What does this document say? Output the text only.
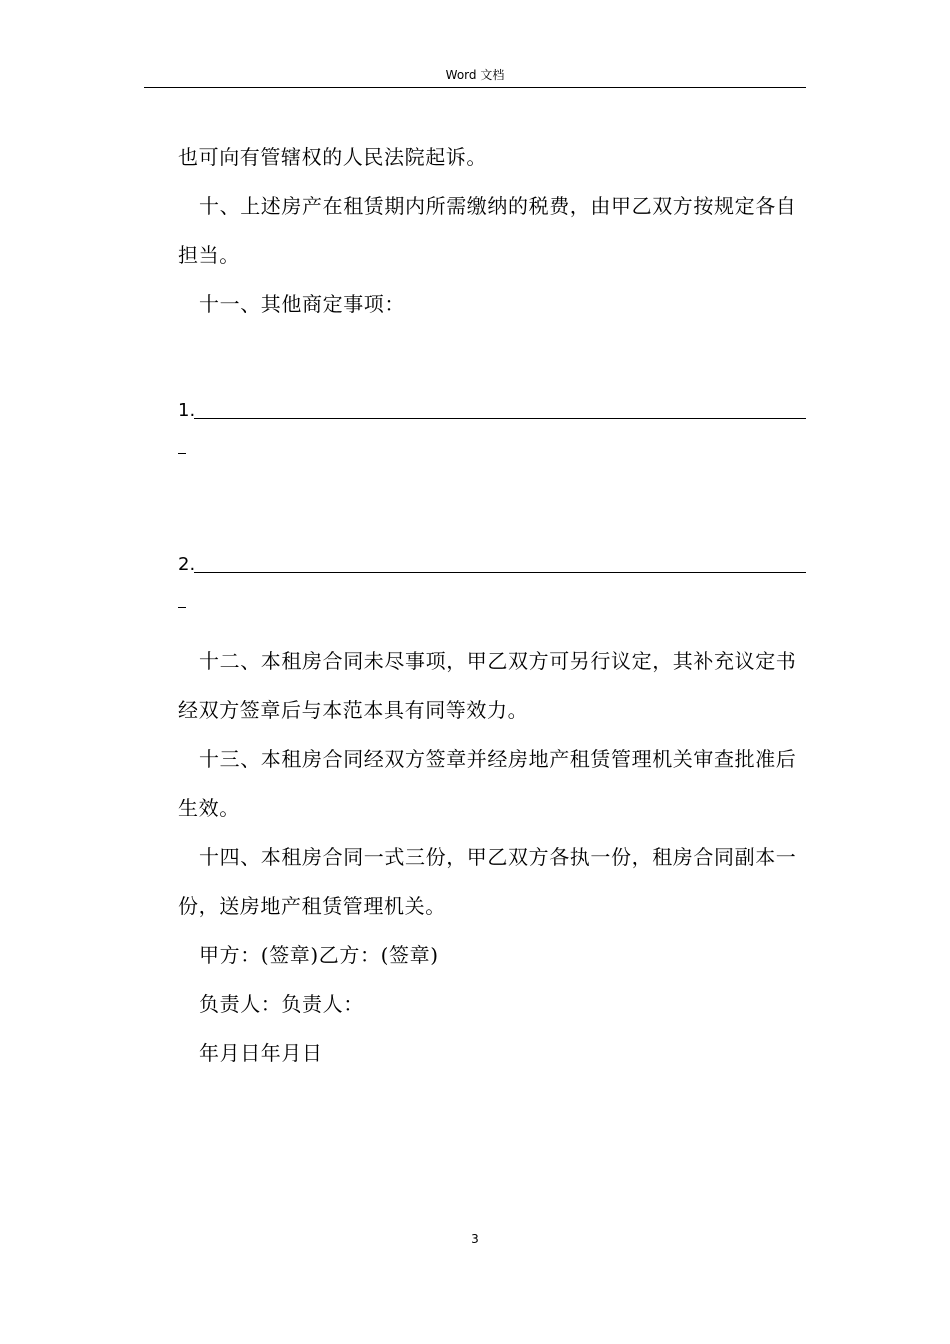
Word 文档

也可向有管辖权的人民法院起诉。

十、上述房产在租赁期内所需缴纳的税费，由甲乙双方按规定各自担当。

十一、其他商定事项：

1.
2.

十二、本租房合同未尽事项，甲乙双方可另行议定，其补充议定书经双方签章后与本范本具有同等效力。

十三、本租房合同经双方签章并经房地产租赁管理机关审查批准后生效。

十四、本租房合同一式三份，甲乙双方各执一份，租房合同副本一份，送房地产租赁管理机关。

甲方：(签章)乙方：(签章)

负责人：负责人：

年月日年月日

3
